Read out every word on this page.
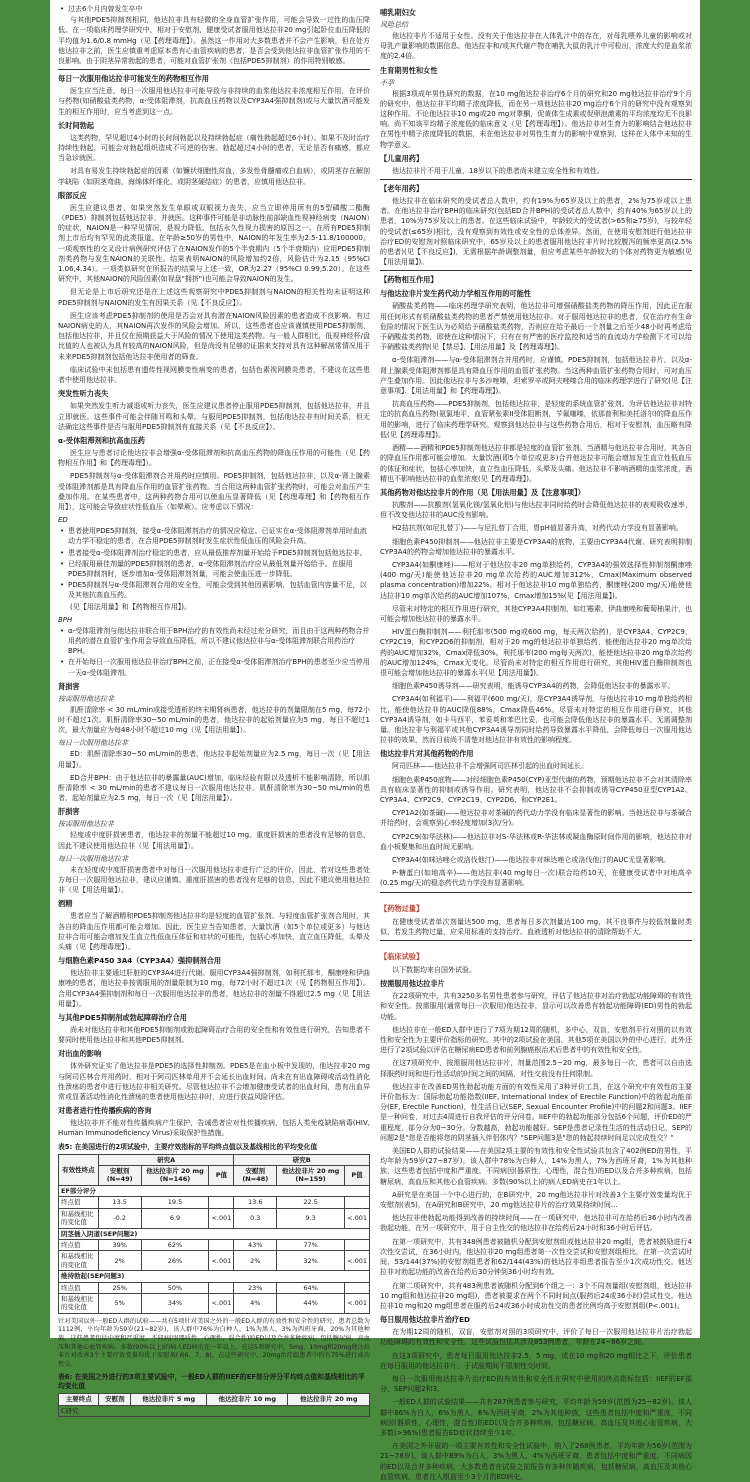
• 过去6个月内曾发生卒中

与其他PDE5抑制剂相同，他达拉非具有轻微的全身血管扩张作用，可能会导致一过性的血压降低。在一项临床药理学研究中，相对于安慰剂，健康受试者服用他达拉非20 mg引起卧位血压降低的平均值为1.6/0.8 mmHg（见【药理毒理】）。虽然这一作用对大多数患者并不会产生影响，但在处方他达拉非之前，医生应慎重考虑原本患有心血管疾病的患者，是否会受到他达拉非血管扩张作用的不良影响。由于阴茎异常勃起的患者，可能对血管扩张剂（包括PDE5抑制剂）的作用特别敏感。

每日一次服用他达拉非可能发生的药物相互作用

医生应当注意，每日一次服用他达拉非可能导致与非持续的血浆他达拉非浓度相互作用，在评价与药物(如硝酸盐类药物，α-受体阻滞剂，抗高血压药物以及CYP3A4强抑制剂)或与大量饮酒可能发生的相互作用时，应当考虑到这一点。

长时间勃起

这类药物，罕见超过4小时的长时间勃起以及持续勃起症（痛性勃起超过6小时）。如果不及时治疗持续性勃起，可能会对勃起组织造成不可逆的伤害。勃起超过4小时的患者，无论是否有痛感，都应当急诊就医。

对具有易发生持续勃起症的因素（如镰状细胞性贫血，多发性骨髓瘤或白血病），或阴茎存在解剖学缺陷（如阴茎弯曲，海绵体纤维化，或阴茎硬结症）的患者，应慎用他达拉非。

眼部反应

医生应建议患者，如果突然发生单眼或双眼视力丧失，应当立即停用所有的5型磷酸二酯酶（PDE5）抑制剂包括他达拉非，并就医。这种事件可能是非动脉性前部缺血性视神经病变（NAION）的症状，NAION是一种罕见情况，是视力降低、包括永久性视力损害的原因之一。在所有PDE5抑制剂上市后均有罕见的此类报道。在年龄≥50岁的男性中，NAION的年发生率为2.5-11.8/100000。一项观察性的交叉设计病例研究评估了在NAION发作的5个半衰期内（5个半衰期内）应用PDE5抑制剂类药物与发生NAION的关联性。结果表明NAION的风险增加约2倍，风险估计为2.15（95%CI 1.06,4.34）。一项类似研究在所报告的结果与上述一致，OR为2.27（95%CI 0.99,5.20）。在这些研究中，其他NAION的风险因素(如视盘"拥挤")也可能会导致NAION的发生。

但无论是上市后研究还是在上述这些观察研究中PDE5抑制剂与NAION的相关性均未证明这种PDE5抑制剂与NAION的发生有因果关系（见【不良反应】）。

医生应该考虑PDE5抑制剂的使用是否会对具有潜在NAION风险因素的患者造成不良影响。有过NAION病史的人，其NAION再次发作的风险会增加。所以，这些患者也应该谨慎使用PDE5抑制剂，包括他达拉非，并且仅在预期获益大于风险的情况下使用这类药物。与一般人群相比，低视神经杯/盘比值的人也被认为具有较高的NAION风险，但是尚没有足够的证据来支持对具有这种解剖常情况用于未来PDE5抑制剂包括他达拉非使用者的筛查。

临床试验中未包括患有遗传性视网膜变性病变的患者，包括色素视网膜炎患者，不建议在这些患者中使用他达拉非。

突发性听力丧失

如果突然发生听力减退或听力丧失，医生应建议患者停止服用PDE5抑制剂，包括他达拉非，并且立即就医。这些事件可能会伴随耳鸣和头晕。与服用PDE5抑制剂，包括他达拉非有时间关系，但无法确定这些事件是否与服用PDE5抑制剂有直接关系（见【不良反应】）。

α-受体阻滞剂和抗高血压药

医生应与患者讨论他达拉非会增强α-受体阻滞剂和抗高血压药物的降血压作用的可能性（见【药物相互作用】和【药理毒理】）。

PDE5抑制剂与α-受体阻滞剂合并用药时应慎用。PDE5抑制剂，包括他达拉非，以及α-肾上腺素受体阻滞剂都是具有降血压作用的血管扩张药物。当合用这两种血管扩张药物时，可能会对血压产生叠加作用。在某些患者中，这两种药物合用可以使血压显著降低（见【药理毒理】和【药物相互作用】），这可能会导致症状性低血压（如晕厥）。应考虑以下情况：

ED
• 患者使用PDE5抑制剂，接受α-受体阻滞剂治疗的情况应稳定。已证实在α-受体阻滞剂单用时血流动力学不稳定的患者，在合用PDE5抑制剂时发生症状性低血压的风险会升高。
• 患者接受α-受体阻滞剂治疗稳定的患者，应从最低推荐剂量开始给予PDE5抑制剂包括他达拉非。
• 已经服用最佳剂量的PDE5抑制剂的患者，α-受体阻滞剂治疗应从最低剂量开始给予。在服用PDE5抑制剂时，逐步增加α-受体阻滞剂剂量，可能会使血压进一步降低。
• PDE5抑制剂与α-受体阻滞剂合用的安全性，可能会受到其他因素影响，包括血管内容量不足，以及其他抗高血压药。

(见【用法用量】和【药物相互作用】)。

BPH
• α-受体阻滞剂与他达拉非联合用于BPH治疗的有效性尚未经过充分研究，而且由于这两种药物合并用药的潜在血管扩张作用会导致血压降低，所以不建议他达拉非与α-受体阻滞剂联合用药治疗BPH。
• 在开始每日一次服用他达拉非治疗BPH之前，正在接受α-受体阻滞剂治疗BPH的患者至少应当停用一天α-受体阻滞剂。
肾损害
按需服用他达拉非

肌酐清除率 < 30 mL/min或接受透析的终末期肾病患者，他达拉非的剂量限制在5 mg，每72小时不超过1次。肌酐清除率30~50 mL/min的患者，他达拉非的起始剂量应为5 mg，每日不超过1次，最大剂量应为每48小时不超过10 mg（见【用法用量】）。

每日一次服用他达拉非

ED：肌酐清除率30~50 mL/min的患者，他达拉非起始剂量应为2.5 mg，每日一次（见【用法用量】）。

ED合并BPH：由于他达拉非的暴露量(AUC)增加，临床经验有限以及透析不能影响清除，所以肌酐清除率 < 30 mL/min的患者不建议每日一次服用他达拉非。肌酐清除率为30~50 mL/min的患者，起始剂量应为2.5 mg，每日一次（见【用法用量】）。

肝损害
按需服用他达拉非

轻度或中度肝损害患者，他达拉非的剂量不能超过10 mg。重度肝损害的患者没有足够的信息，因此不建议使用他达拉非（见【用法用量】）。

每日一次服用他达拉非

未在轻度或中度肝损害患者中对每日一次服用他达拉非进行广泛的评价，因此，若对这些患者处方每日一次服用他达拉非，建议应谨慎。重度肝损害的患者没有足够的信息，因此不建议使用他达拉非（见【用法用量】）。

酒精

患者应当了解酒精和PDE5抑制剂他达拉非均是轻度的血管扩张剂。与轻度血管扩张剂合用时，其各自的降血压作用都可能会增加。因此，医生应当告知患者，大量饮酒（如5个单位或更多）与他达拉非合用可能会增加发生直立性低血压体征和症状的可能性，包括心率加快，直立血压降低，头晕及头痛（见【药理毒理】）。

与细胞色素P450 3A4（CYP3A4）强抑制剂合用

他达拉非主要通过肝脏的CYP3A4进行代谢。服用CYP3A4强抑制剂，如利托那韦，酮康唑和伊曲康唑的患者，他达拉非按需服用的剂量限制为10 mg，每72小时不超过1次（见【药物相互作用】）。合用CYP3A4强抑制剂和每日一次服用他达拉非的患者，他达拉非的剂量不得超过2.5 mg（见【用法用量】）。

与其他PDE5抑制剂或勃起障碍治疗合用

尚未对他达拉非和其他PDE5抑制剂或勃起障碍治疗合用的安全性和有效性进行研究，告知患者不要同时使用他达拉非和其他PDE5抑制剂。

对出血的影响

体外研究证实了他达拉非是PDE5的选择性抑制剂。PDE5是在血小板中发现的，他达拉非20 mg与阿司匹林合并用药时，相对于阿司匹林单用并不会延长出血时间。尚未在有出血障碍或活动性消化性溃疡的患者中进行他达拉非相关研究。尽管他达拉非不会增加健康受试者的出血时间，患有出血异常或显著活动性消化性溃疡的患者使用他达拉非时，应进行获益风险评估。

对患者进行性传播疾病的咨询

他达拉非并不能对性传播疾病产生保护，告诫患者应对性传播疾病，包括人类免疫缺陷病毒(HIV, Human Immunodeficiency Virus)采取保护性措施。

表5: 在美国进行的2项试验中，主要疗效指标的平均终点值以及基线相比的平均变化值
有效性终点	研究A			研究B		
	安慰剂 (N=49)	他达拉非片 20 mg (N=146)	P值	安慰剂 (N=48)	他达拉非片 20 mg (N=159)	P值
EF部分评分						
终点值	13.5	19.5		13.6	22.5	
和基线相比的变化值	-0.2	6.9	<.001	0.3	9.3	<.001
阴茎插入阴道(SEP问题2)						
终点值	39%	62%		43%	77%	
和基线相比的变化值	2%	26%	<.001	2%	32%	<.001
维持勃起(SEP问题3)						
终点值	25%	50%		23%	64%	
和基线相比的变化值	5%	34%	<.001	4%	44%	<.001

针对美国以外一般ED人群的试验——共有5项针对美国之外的一般ED人群的有效性和安全性的研究，患者总数为1112例，平均年龄为59岁(21~82岁)，该人群中76%为白种人，1%为黑人，3%为西班牙裔，20%为其他种族，这些患者包括中度和严重度、不同病因(器质性、心理性、混合性)的ED以及合并多种疾病，包括糖尿病，高血压和其他心血管疾病。多数(90%以上)的病人ED病史在一年以上，在这5项研究中，5mg、10mg和20mg他达拉非片对改善3个主要疗效变量均优于安慰剂(表6、7、8)，在这些研究中，20mg治疗组患者中约有75%进行成功性交。

表6: 在美国之外进行的3项主要试验中，一般ED人群的IIEF的EF部分评分平均终点值和基线相比的平均变化值
主要终点	安慰剂	他达拉非片 5 mg	他达拉非片 10 mg	他达拉非片 20 mg
C研究
哺乳期妇女
风险总结

他达拉非片不适用于女性。没有关于他达拉非在人体乳汁中的存在，对母乳喂养儿童的影响或对母乳产量影响的数据信息。他达拉非和/或其代谢产物在哺乳大鼠的乳汁中可检出，浓度大约是血浆浓度的2.4倍。

生育期男性和女性
不孕

根据3项成年男性研究的数据，在10 mg他达拉非治疗6个月的研究和20 mg他达拉非治疗9个月的研究中，他达拉非平均精子浓度降低，而在另一项他达拉非20 mg治疗6个月的研究中没有观察到这种作用。不论他达拉非10 mg或20 mg对睾酮，促黄体生成素或促卵泡激素的平均浓度均无不良影响。尚不知该平均精子浓度低的临床意义（见【药理毒理】）。他达拉非对生育力的影响结合他达拉非在男性中精子浓度降低的数据，未在他达拉非对男性生育力的影响中观察到，这样在人体中未知的生物学意义。

【儿童用药】

他达拉非片不用于儿童，18岁以下的患者尚未建立安全性和有效性。

【老年用药】

他达拉非在临床研究的受试者总人数中，约有19%为65岁及以上的患者，2%为75岁或以上患者。在他达拉非治疗BPH的临床研究(包括ED合并BPH)的受试者总人数中，约有40%为65岁以上的患者，10%为75岁及以上的患者。在这些临床试验中，年龄较大的受试者(>65和≥75岁)，与较年轻的受试者(≤65岁)相比，没有观察到有效性或安全性的总体差异。然而，在使用安慰剂进行他达拉非治疗ED的安慰剂对照临床研究中，65岁及以上的患者服用他达拉非片时比较腹泻的频率更高(2.5%的患者)(见【不良反应】)，无需根据年龄调整剂量，但应考虑某些年龄较大的个体对药物更为敏感(见【用法用量】)。

【药物相互作用】
与他达拉非片发生药代动力学相互作用的可能性

硝酸盐类药物——临床药理学研究表明，他达拉非可增强硝酸盐类药物的降压作用，因此正在服用任何形式有机硝酸盐类药物的患者严禁使用他达拉非。对于服用他达拉非的患者，仅在治疗有生命危险的情况下医生认为必须给予硝酸盐类药物，否则应在给予最后一个剂量之后至少48小时再考虑给予硝酸盐类药物，即使在这种情况下，只有在有严密的医疗监控和适当的血流动力学检测下才可以给予硝酸盐类药物(见【禁忌】、【用法用量】及【药理毒理】)。

α-受体阻滞剂——与α-受体阻滞剂合并用药时，应谨慎。PDE5抑制剂，包括他达拉非片，以及α-肾上腺素受体阻滞剂都是具有降血压作用的血管扩张药物。当这两种血管扩张药物合用时，可对血压产生叠加作用。因此他达拉非与多沙唑嗪，坦索罗辛或阿夫唑嗪合用的临床药理学进行了研究(见【注意事项】、【用法用量】和【药理毒理】)。

抗高血压药物——PDE5抑制剂，包括他达拉非，是轻度的系统血管扩张剂。为评估他达拉非对特定的抗高血压药物(氨氯地平，血管紧张素II受体阻断剂，苄氟噻嗪，依那普利和美托洛尔)的降血压作用的影响，进行了临床药理学研究。观察到他达拉非与这些药物合用后，相对于安慰剂，血压略有降低(见【药理毒理】)。

酒精——酒精和PDE5抑制剂他达拉非都是轻度的血管扩张剂。当酒精与他达拉非合用时，其各自的降血压作用都可能会增加。大量饮酒(即5个单位或更多)合并他达拉非可能会增加发生直立性低血压的体征和症状，包括心率加快，直立性血压降低，头晕及头痛。他达拉非不影响酒精的血浆浓度，酒精也不影响他达拉非的血浆浓度(见【药理毒理】)。

其他药物对他达拉非片的作用（见【用法用量】及【注意事项】）

抗酸剂——抗酸剂(氢氧化镁/氢氧化铝)与他达拉非同时给药时会降低他达拉非的表观吸收速率，但不改变他达拉非的AUC没有影响。

H2拮抗剂(如尼扎替丁)——与尼扎替丁合用，胃pH值显著升高，对药代动力学没有显著影响。

细胞色素P450抑制剂——他达拉非主要是CYP3A4的底物，主要由CYP3A4代谢。研究表明抑制CYP3A4的药物会增加他达拉非的暴露水平。

CYP3A4(如酮康唑)——相对于他达拉非20 mg单独给药，CYP3A4的强效选择性抑制剂酮康唑(400 mg/天)能使他达拉非20 mg单次给药的AUC增加312%，Cmax(Maximum observed plasma concentration)增加22%。相对于他达拉非10 mg单独给药，酮康唑(200 mg/天)能使他达拉非10 mg单次给药的AUC增加107%，Cmax增加15%(见【用法用量】)。

尽管未对特定的相互作用进行研究，其他CYP3A4抑制剂，如红霉素，伊曲康唑和葡萄柚果汁，也可能会增加他达拉非的暴露水平。

HIV蛋白酶抑制剂——利托那韦(500 mg或600 mg，每天两次给药)，是CYP3A4、CYP2C9、CYP2C19，和CYP2D6的抑制剂，相对于20 mg的他达拉非单独给药，能使他达拉非20 mg单次给药的AUC增加32%，Cmax降低30%。利托那韦(200 mg每天两次)，能使他达拉非20 mg单次给药的AUC增加124%，Cmax无变化。尽管尚未对特定的相互作用进行研究，其他HIV蛋白酶抑制剂也很可能会增加他达拉非的暴露水平(见【用法用量】)。

细胞色素P450诱导剂——研究表明，能诱导CYP3A4的药物，会降低他达拉非的暴露水平。

CYP3A4(如利福平)——利福平(600 mg/天)，是CYP3A4诱导剂，与他达拉非10 mg单独给药相比，能使他达拉非的AUC降低88%，Cmax降低46%。尽管未对特定的相互作用进行研究，其他CYP3A4诱导剂，如卡马西平，苯妥英和苯巴比妥，也可能会降低他达拉非的暴露水平。无需调整剂量。他达拉非与利福平或其他CYP3A4诱导剂同时给药导致暴露水平降低，会降低每日一次服用他达拉非的效果，然而目前尚不清楚对他达拉非有效性的影响程度。

他达拉非片对其他药物的作用

阿司匹林——他达拉非不会增强阿司匹林引起的出血时间延长。

细胞色素P450底物——对经细胞色素P450(CYP)亚型代谢的药物，预期他达拉非不会对其清除率具有临床显著性的抑制或诱导作用。研究表明，他达拉非不会抑制或诱导CYP450亚型CYP1A2、CYP3A4、CYP2C9、CYP2C19、CYP2D6、和CYP2E1。

CYP1A2(如茶碱)——他达拉非对茶碱的药代动力学没有临床显著性的影响。当他达拉非与茶碱合并给药时，会观察到心率轻度增加(3次/分)。

CYP2C9(如华法林)——他达拉非对S-华法林或R-华法林或凝血酶原时间作用的影响，他达拉非对血小板聚集和出血时间无影响。

CYP3A4(如咪达唑仑或洛伐他汀)——他达拉非对咪达唑仑或洛伐他汀的AUC无显著影响。

P-糖蛋白(如地高辛)——他达拉非(40 mg每日一次)联合给药10天，在健康受试者中对地高辛(0.25 mg/天)的稳态药代动力学没有显著影响。

【药物过量】

在健康受试者单次剂量达500 mg，患者每日多次剂量达100 mg，其不良事件与较低剂量时类似，若发生药物过量，应采用标准的支持治疗。血液透析对他达拉非的清除帮助不大。

【临床试验】

以下数据均来自国外试验。

按需服用他达拉非片

在22项研究中，共有3250多名男性患者参与研究，评估了他达拉非对治疗勃起功能障碍的有效性和安全性。按需服用(通常每日一次服用)他达拉非，显示可以改善患有勃起功能障碍(ED)男性的勃起功能。

他达拉非在一般ED人群中进行了7项为期12周的随机，多中心，双盲，安慰剂平行对照的以有效性和安全性为主要评价指标的研究。其中的2项试验在美国，其他5项在美国以外的中心进行，此外还进行了2项试验以评估在糖尿病ED患者和前列腺癌根治术后患者中的有效性和安全性。

在这7项研究中，按需服用他达拉非片，剂量范围2.5~20 mg，最多每日一次，患者可以自由选择服药时间和进行性活动的时间之间的间隔，对性交前没有任何限制。

他达拉非在改善ED男性勃起功能方面的有效性采用了3种评价工具，在这个研究中有效性的主要评价指标为：国际勃起功能指数(IIEF, International Index of Erectile Function)中的勃起功能部分(EF, Erectile Function)，性生活日记(SEP, Sexual Encounter Profile)中的问题2和问题3。IIEF是一种问卷，对过去4周进行自我评估的评分问卷。IIEF中的勃起功能部分包括6个问题，评价ED的严重程度，部分分为0~30分。分数越高，勃起功能越好。SEP是患者记录性生活的性活动日记，SEP的问题2是"您是否能将您的阴茎插入伴侣体内？"SEP问题3是"您的勃起持续时间足以完成性交？"

美国ED人群的试验结果——在美国2项主要的有效性和安全性试验共包含了402例ED的男性，平均年龄为59岁(27~87岁)，该人群中78%为白种人，14%为黑人，7%为西班牙裔，1%为其他种族，这些患者包括中度和严重度，不同病因(器质性，心理性，混合性)的ED以及合并多种疾病，包括糖尿病，高血压和其他心血管疾病。多数(90%以上)的病人ED病史在1年以上。

A研究是在美国一个中心进行的，在B研究中，20 mg他达拉非片对改善3个主要疗效变量均优于安慰剂(表5)，在A研究和B研究中，20 mg他达拉非片的治疗效果持续时间...

他达拉非使勃起功能得到改善的持续时间——在一项研究中，他达拉非可在给药后36小时内改善勃起功能，在另一项研究中，用于自主性交的他达拉非在给药后24小时和36小时后评估。

在第一项研究中，共有348例患者被随机分配到安慰剂组或他达拉非20 mg组，患者被鼓励进行4次性交尝试，在36小时内，他达拉非20 mg组患者第一次性交尝试和安慰剂组相比，在第一次尝试时间，53/144(37%)的安慰剂组患者和62/144(43%)的他达拉非组患者报告至少1次成功性交。他达拉非对勃起功能的改善在给药后30分钟到36小时均有效。

在第二项研究中，共有483例患者被随机分配到6个组之一：3个不同剂量组(安慰剂组，他达拉非10 mg组和他达拉非20 mg组)，患者被要求在两个不同时间点(服药后24或36小时)尝试性交。他达拉非10 mg和20 mg组患者在服药后24或36小时成功性交的患者比例均高于安慰剂组(P<.001)。

每日服用他达拉非片治疗ED

在为期12周的随机，双盲，安慰剂对照的3项研究中，评价了每日一次服用他达拉非片治疗勃起功能障碍的有效性和安全性。这些试验包括共涉及853例患者，年龄在24~86岁之间。

在这3项研究中，患者每日服用他达拉非2.5，5 mg，或在10 mg和20 mg相比之下，评价患者在每日服用的他达拉非片，于试验期间不限制性交时间。

每日一次服用他达拉非片治疗ED的有效性和安全性在研究中使用的终点指标包括：IIEF的EF部分，SEP问题2和3。

一般ED人群的试验结果——共有287例患者参与研究，平均年龄为59岁(范围为25~82岁)，该人群中86%为白人，6%为黑人，6%为西班牙裔，2%为其他种族，这些患者包括中度和严重度，不同病因(器质性，心理性，混合性)的ED以及合并多种疾病，包括糖尿病，高血压及其他心血管疾病，大多数(>96%)患者报告ED症状持续至少1年。

在美国之外开展的一项主要有效性和安全性试验中，纳入了268例患者，平均年龄为56岁(范围为21~78岁)，该人群中89%为白人，3%为黑人，4%为西班牙裔，患者包括中度和严重度，不同病因的ED以及合并多种疾病，大多数患者在试验之前报告有多种伴随疾病，包括糖尿病，高血压及其他心血管疾病，患者在入组前至少3个月的ED病史。
